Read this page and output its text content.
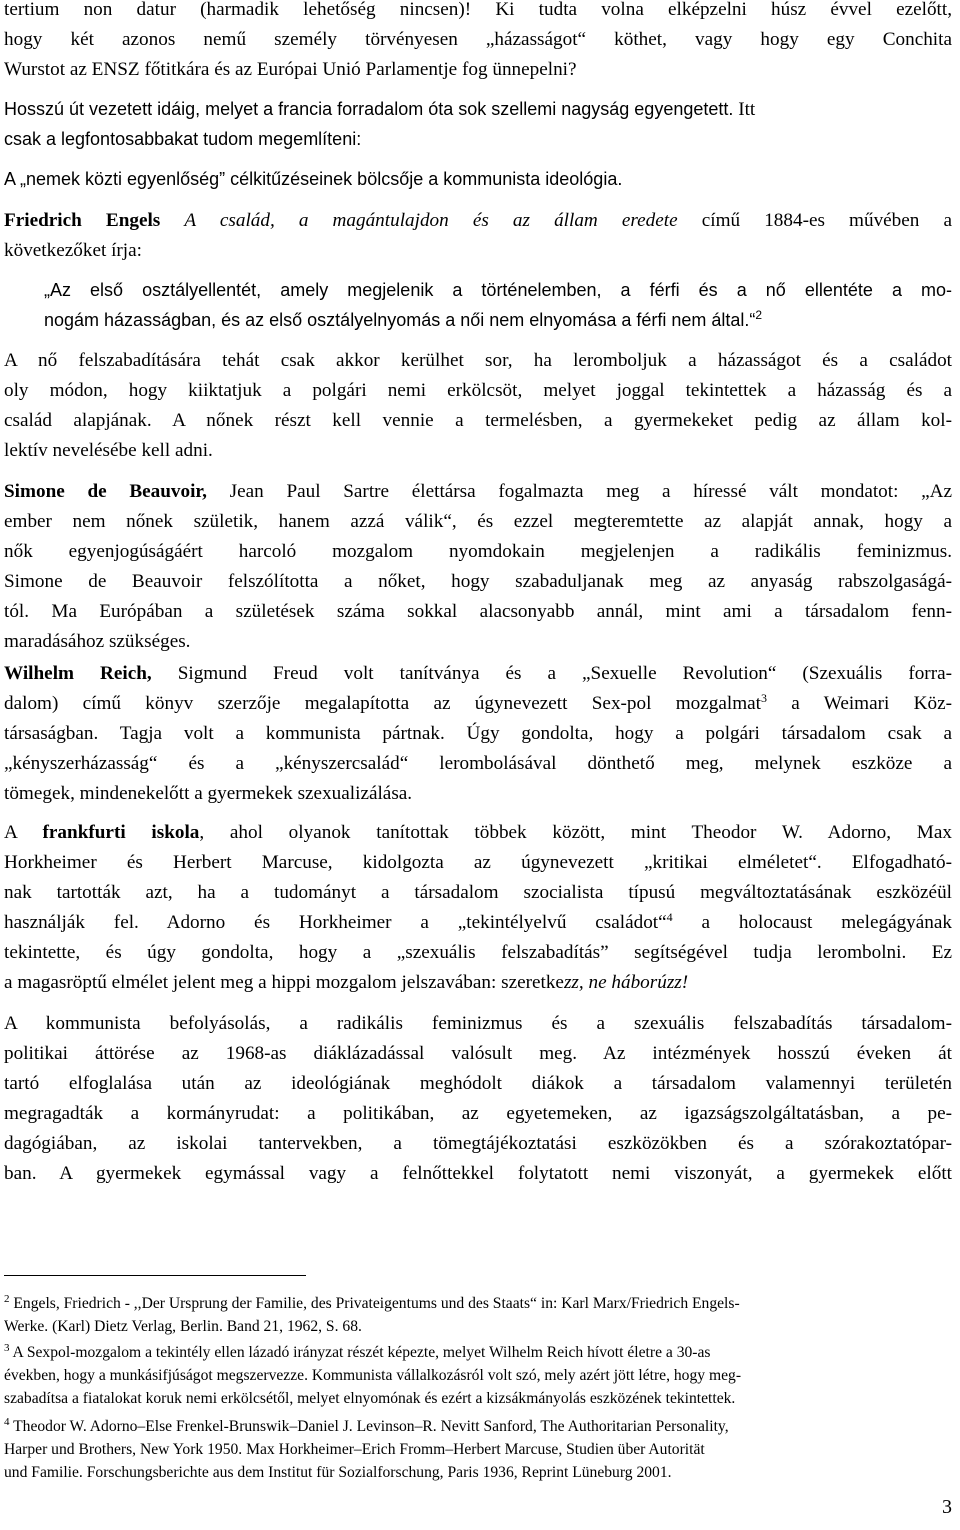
tertium non datur (harmadik lehetőség nincsen)! Ki tudta volna elképzelni húsz évvel ezelőtt,
hogy két azonos nemű személy törvényesen „házasságot“ köthet, vagy hogy egy Conchita
Wurstot az ENSZ főtitkára és az Európai Unió Parlamentje fog ünnepelni?
Hosszú út vezetett idáig, melyet a francia forradalom óta sok szellemi nagyság egyengetett. Itt
csak a legfontosabbakat tudom megemlíteni:
A „nemek közti egyenlőség” célkitűzéseinek bölcsője a kommunista ideológia.
Friedrich Engels A család, a magántulajdon és az állam eredete című 1884-es művében a
következőket írja:
„Az első osztályellentét, amely megjelenik a történelemben, a férfi és a nő ellentéte a mo-
nogám házasságban, és az első osztályelnyomás a női nem elnyomása a férfi nem által.“$^2$
A nő felszabadítására tehát csak akkor kerülhet sor, ha leromboljuk a házasságot és a családot
oly módon, hogy kiiktatjuk a polgári nemi erkölcsöt, melyet joggal tekintettek a házasság és a
család alapjának. A nőnek részt kell vennie a termelésben, a gyermekeket pedig az állam kol-
lektív nevelésébe kell adni.
Simone de Beauvoir, Jean Paul Sartre élettársa fogalmazta meg a híressé vált mondatot: „Az
ember nem nőnek születik, hanem azzá válik“, és ezzel megteremtette az alapját annak, hogy a
nők egyenjogúságáért harcoló mozgalom nyomdokain megjelenjen a radikális feminizmus.
Simone de Beauvoir felszólította a nőket, hogy szabaduljanak meg az anyaság rabszolgaságá-
tól. Ma Európában a születések száma sokkal alacsonyabb annál, mint ami a társadalom fenn-
maradásához szükséges.
Wilhelm Reich, Sigmund Freud volt tanítványa és a „Sexuelle Revolution“ (Szexuális forra-
dalom) című könyv szerzője megalapította az úgynevezett Sex-pol mozgalmat$^3$ a Weimari Köz-
társaságban. Tagja volt a kommunista pártnak. Úgy gondolta, hogy a polgári társadalom csak a
„kényszerházasság“ és a „kényszercsalád“ lerombolásával dönthető meg, melynek eszköze a
tömegek, mindenekelőtt a gyermekek szexualizálása.
A frankfurti iskola, ahol olyanok tanítottak többek között, mint Theodor W. Adorno, Max
Horkheimer és Herbert Marcuse, kidolgozta az úgynevezett „kritikai elméletet“. Elfogadható-
nak tartották azt, ha a tudományt a társadalom szocialista típusú megváltoztatásának eszközéül
használják fel. Adorno és Horkheimer a „tekintélyelvű családot“$^4$ a holocaust melegágyának
tekintette, és úgy gondolta, hogy a „szexuális felszabadítás” segítségével tudja lerombolni. Ez
a magasröptű elmélet jelent meg a hippi mozgalom jelszavában: szeretkezz, ne háborúzz!
A kommunista befolyásolás, a radikális feminizmus és a szexuális felszabadítás társadalom-
politikai áttörése az 1968-as diáklázadással valósult meg. Az intézmények hosszú éveken át
tartó elfoglalása után az ideológiának meghódolt diákok a társadalom valamennyi területén
megragadták a kormányrudat: a politikában, az egyetemeken, az igazságszolgáltatásban, a pe-
dagógiában, az iskolai tantervekben, a tömegtájékoztatási eszközökben és a szórakoztatópar-
ban. A gyermekek egymással vagy a felnőttekkel folytatott nemi viszonyát, a gyermekek előtt
$^2$ Engels, Friedrich - ,,Der Ursprung der Familie, des Privateigentums und des Staats“ in: Karl Marx/Friedrich Engels-
Werke. (Karl) Dietz Verlag, Berlin. Band 21, 1962, S. 68.
$^3$ A Sexpol-mozgalom a tekintély ellen lázadó irányzat részét képezte, melyet Wilhelm Reich hívott életre a 30-as
években, hogy a munkásifjúságot megszervezze. Kommunista vállalkozásról volt szó, mely azért jött létre, hogy meg-
szabadítsa a fiatalokat koruk nemi erkölcsétől, melyet elnyomónak és ezért a kizsákmányolás eszközének tekintettek.
$^4$ Theodor W. Adorno–Else Frenkel-Brunswik–Daniel J. Levinson–R. Nevitt Sanford, The Authoritarian Personality,
Harper und Brothers, New York 1950. Max Horkheimer–Erich Fromm–Herbert Marcuse, Studien über Autorität
und Familie. Forschungsberichte aus dem Institut für Sozialforschung, Paris 1936, Reprint Lüneburg 2001.
3
